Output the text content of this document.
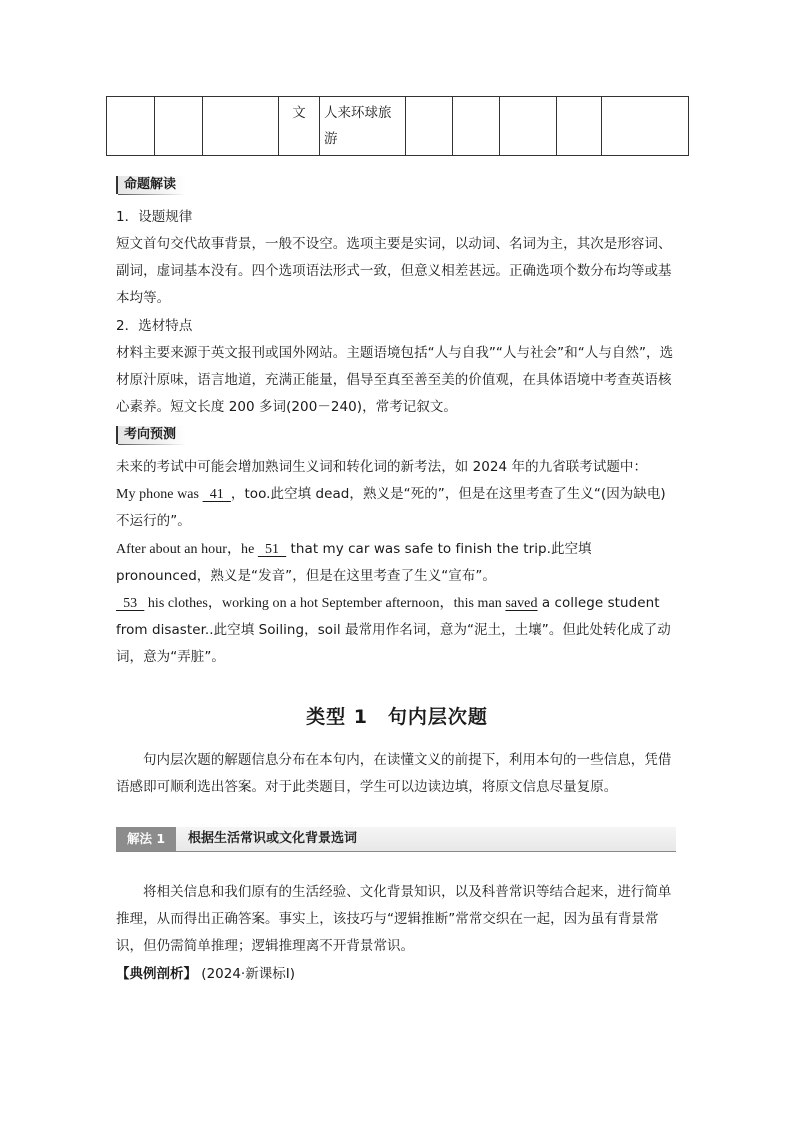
			文	人来环球旅游					
命题解读
1．设题规律
短文首句交代故事背景，一般不设空。选项主要是实词，以动词、名词为主，其次是形容词、副词，虚词基本没有。四个选项语法形式一致，但意义相差甚远。正确选项个数分布均等或基本均等。
2．选材特点
材料主要来源于英文报刊或国外网站。主题语境包括“人与自我”“人与社会”和“人与自然”，选材原汁原味，语言地道，充满正能量，倡导至真至善至美的价值观，在具体语境中考查英语核心素养。短文长度 200 多词(200－240)，常考记叙文。
考向预测
未来的考试中可能会增加熟词生义词和转化词的新考法，如 2024 年的九省联考试题中：
My phone was   41  ，too.此空填 dead，熟义是“死的”，但是在这里考查了生义“(因为缺电)不运行的”。
After about an hour，he   51   that my car was safe to finish the trip.此空填 pronounced，熟义是“发音”，但是在这里考查了生义“宣布”。
53   his clothes，working on a hot September afternoon，this man saved a college student from disaster..此空填 Soiling，soil 最常用作名词，意为“泥土，土壤”。但此处转化成了动词，意为“弄脏”。
类型 1　句内层次题
句内层次题的解题信息分布在本句内，在读懂文义的前提下，利用本句的一些信息，凭借语感即可顺利选出答案。对于此类题目，学生可以边读边填，将原文信息尽量复原。
解法 1	根据生活常识或文化背景选词
将相关信息和我们原有的生活经验、文化背景知识，以及科普常识等结合起来，进行简单推理，从而得出正确答案。事实上，该技巧与“逻辑推断”常常交织在一起，因为虽有背景常识，但仍需简单推理；逻辑推理离不开背景常识。
【典例剖析】 (2024·新课标Ⅰ)
